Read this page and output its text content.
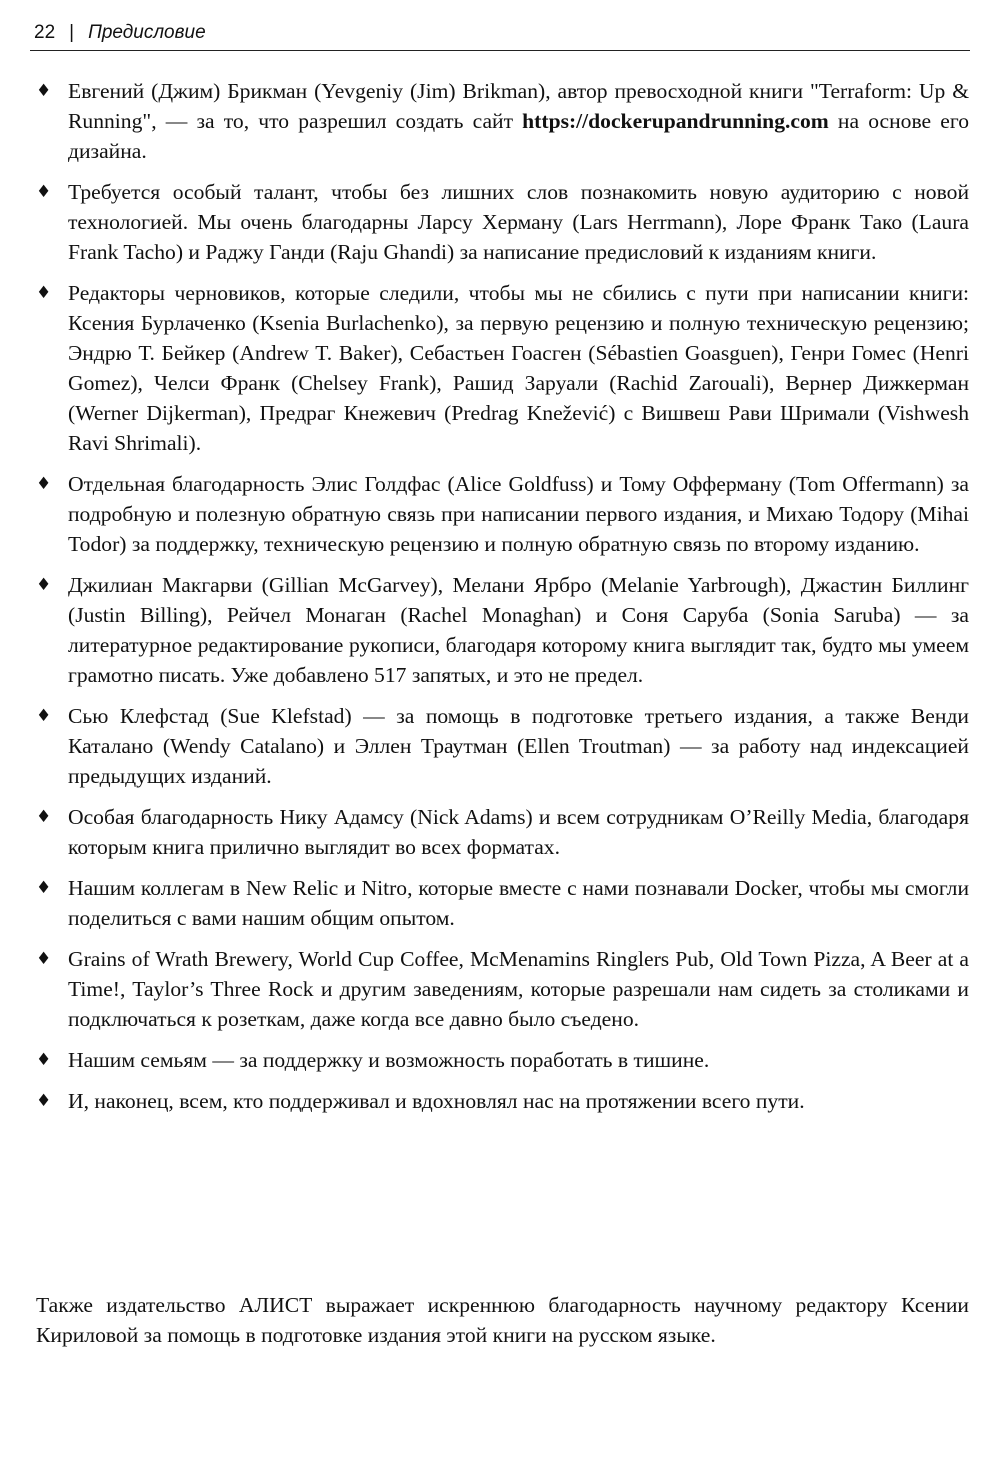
22 | Предисловие
♦ Евгений (Джим) Брикман (Yevgeniy (Jim) Brikman), автор превосходной книги "Terraform: Up & Running", — за то, что разрешил создать сайт https://dockerupandrunning.com на основе его дизайна.
♦ Требуется особый талант, чтобы без лишних слов познакомить новую аудиторию с новой технологией. Мы очень благодарны Ларсу Херману (Lars Herrmann), Лоре Франк Тако (Laura Frank Tacho) и Раджу Ганди (Raju Ghandi) за написание предисловий к изданиям книги.
♦ Редакторы черновиков, которые следили, чтобы мы не сбились с пути при написании книги: Ксения Бурлаченко (Ksenia Burlachenko), за первую рецензию и полную техническую рецензию; Эндрю Т. Бейкер (Andrew T. Baker), Себастьен Гоасген (Sébastien Goasguen), Генри Гомес (Henri Gomez), Челси Франк (Chelsey Frank), Рашид Заруали (Rachid Zarouali), Вернер Дижкерман (Werner Dijkerman), Предраг Кнежевич (Predrag Knežević) с Вишвеш Рави Шримали (Vishwesh Ravi Shrimali).
♦ Отдельная благодарность Элис Голдфас (Alice Goldfuss) и Тому Офферману (Tom Offermann) за подробную и полезную обратную связь при написании первого издания, и Михаю Тодору (Mihai Todor) за поддержку, техническую рецензию и полную обратную связь по второму изданию.
♦ Джилиан Макгарви (Gillian McGarvey), Мелани Ярбро (Melanie Yarbrough), Джастин Биллинг (Justin Billing), Рейчел Монаган (Rachel Monaghan) и Соня Саруба (Sonia Saruba) — за литературное редактирование рукописи, благодаря которому книга выглядит так, будто мы умеем грамотно писать. Уже добавлено 517 запятых, и это не предел.
♦ Сью Клефстад (Sue Klefstad) — за помощь в подготовке третьего издания, а также Венди Каталано (Wendy Catalano) и Эллен Траутман (Ellen Troutman) — за работу над индексацией предыдущих изданий.
♦ Особая благодарность Нику Адамсу (Nick Adams) и всем сотрудникам O’Reilly Media, благодаря которым книга прилично выглядит во всех форматах.
♦ Нашим коллегам в New Relic и Nitro, которые вместе с нами познавали Docker, чтобы мы смогли поделиться с вами нашим общим опытом.
♦ Grains of Wrath Brewery, World Cup Coffee, McMenamins Ringlers Pub, Old Town Pizza, A Beer at a Time!, Taylor’s Three Rock и другим заведениям, которые разрешали нам сидеть за столиками и подключаться к розеткам, даже когда все давно было съедено.
♦ Нашим семьям — за поддержку и возможность поработать в тишине.
♦ И, наконец, всем, кто поддерживал и вдохновлял нас на протяжении всего пути.

Также издательство АЛИСТ выражает искреннюю благодарность научному редактору Ксении Кириловой за помощь в подготовке издания этой книги на русском языке.
